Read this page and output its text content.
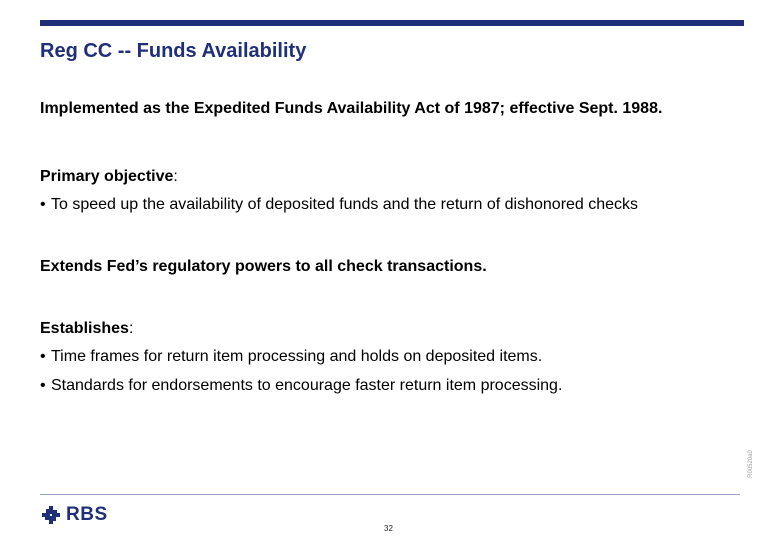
Reg CC -- Funds Availability
Implemented as the Expedited Funds Availability Act of 1987; effective Sept. 1988.
Primary objective:
• To speed up the availability of deposited funds and the return of dishonored checks
Extends Fed’s regulatory powers to all check transactions.
Establishes:
• Time frames for return item processing and holds on deposited items.
• Standards for endorsements to encourage faster return item processing.
R00520a0
RBS
32
